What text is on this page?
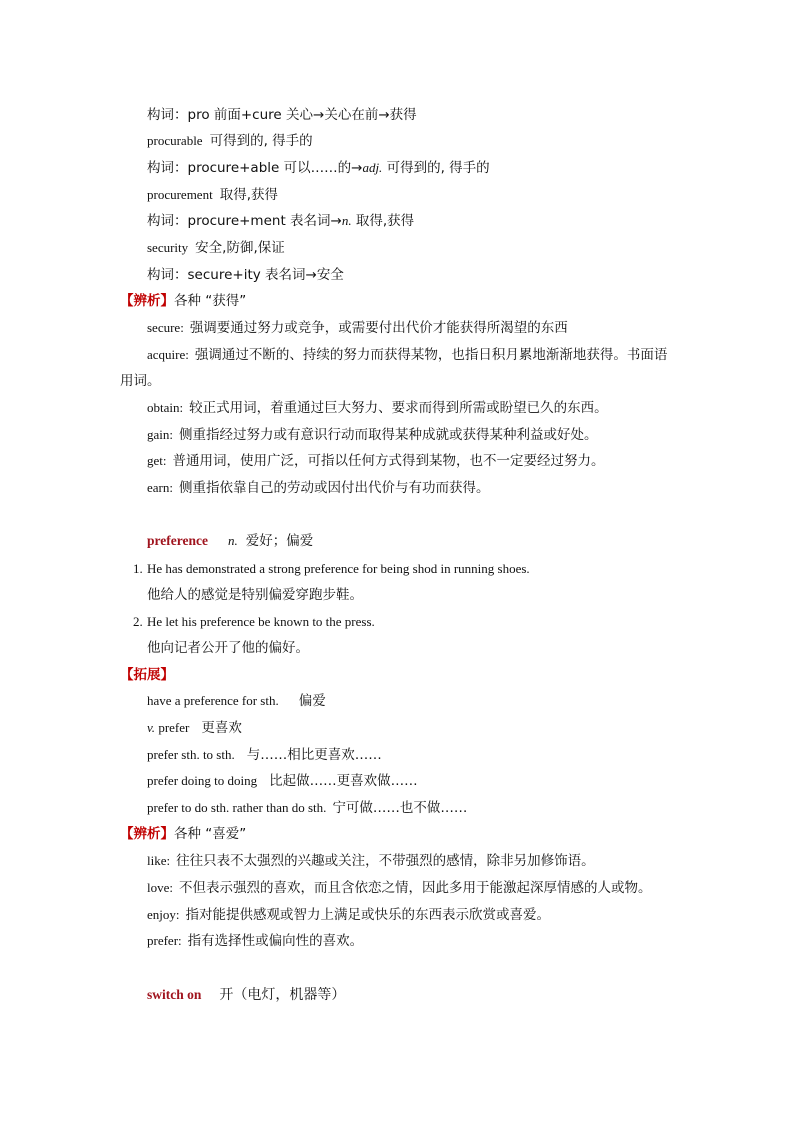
构词：pro 前面+cure 关心→关心在前→获得
procurable 可得到的, 得手的
构词：procure+able 可以……的→adj. 可得到的, 得手的
procurement 取得,获得
构词：procure+ment 表名词→n. 取得,获得
security 安全,防御,保证
构词：secure+ity 表名词→安全
【辨析】各种 “获得”
secure: 强调要通过努力或竞争，或需要付出代价才能获得所渴望的东西
acquire: 强调通过不断的、持续的努力而获得某物，也指日积月累地渐渐地获得。书面语
用词。
obtain: 较正式用词，着重通过巨大努力、要求而得到所需或盼望已久的东西。
gain: 侧重指经过努力或有意识行动而取得某种成就或获得某种利益或好处。
get: 普通用词，使用广泛，可指以任何方式得到某物，也不一定要经过努力。
earn: 侧重指依靠自己的劳动或因付出代价与有功而获得。
preference n. 爱好；偏爱
1. He has demonstrated a strong preference for being shod in running shoes.
他给人的感觉是特别偏爱穿跑步鞋。
2. He let his preference be known to the press.
他向记者公开了他的偏好。
【拓展】
have a preference for sth. 偏爱
v. prefer 更喜欢
prefer sth. to sth. 与……相比更喜欢……
prefer doing to doing 比起做……更喜欢做……
prefer to do sth. rather than do sth. 宁可做……也不做……
【辨析】各种 “喜爱”
like: 往往只表不太强烈的兴趣或关注，不带强烈的感情，除非另加修饰语。
love: 不但表示强烈的喜欢，而且含依恋之情，因此多用于能激起深厚情感的人或物。
enjoy: 指对能提供感观或智力上满足或快乐的东西表示欣赏或喜爱。
prefer: 指有选择性或偏向性的喜欢。
switch on 开（电灯，机器等）
